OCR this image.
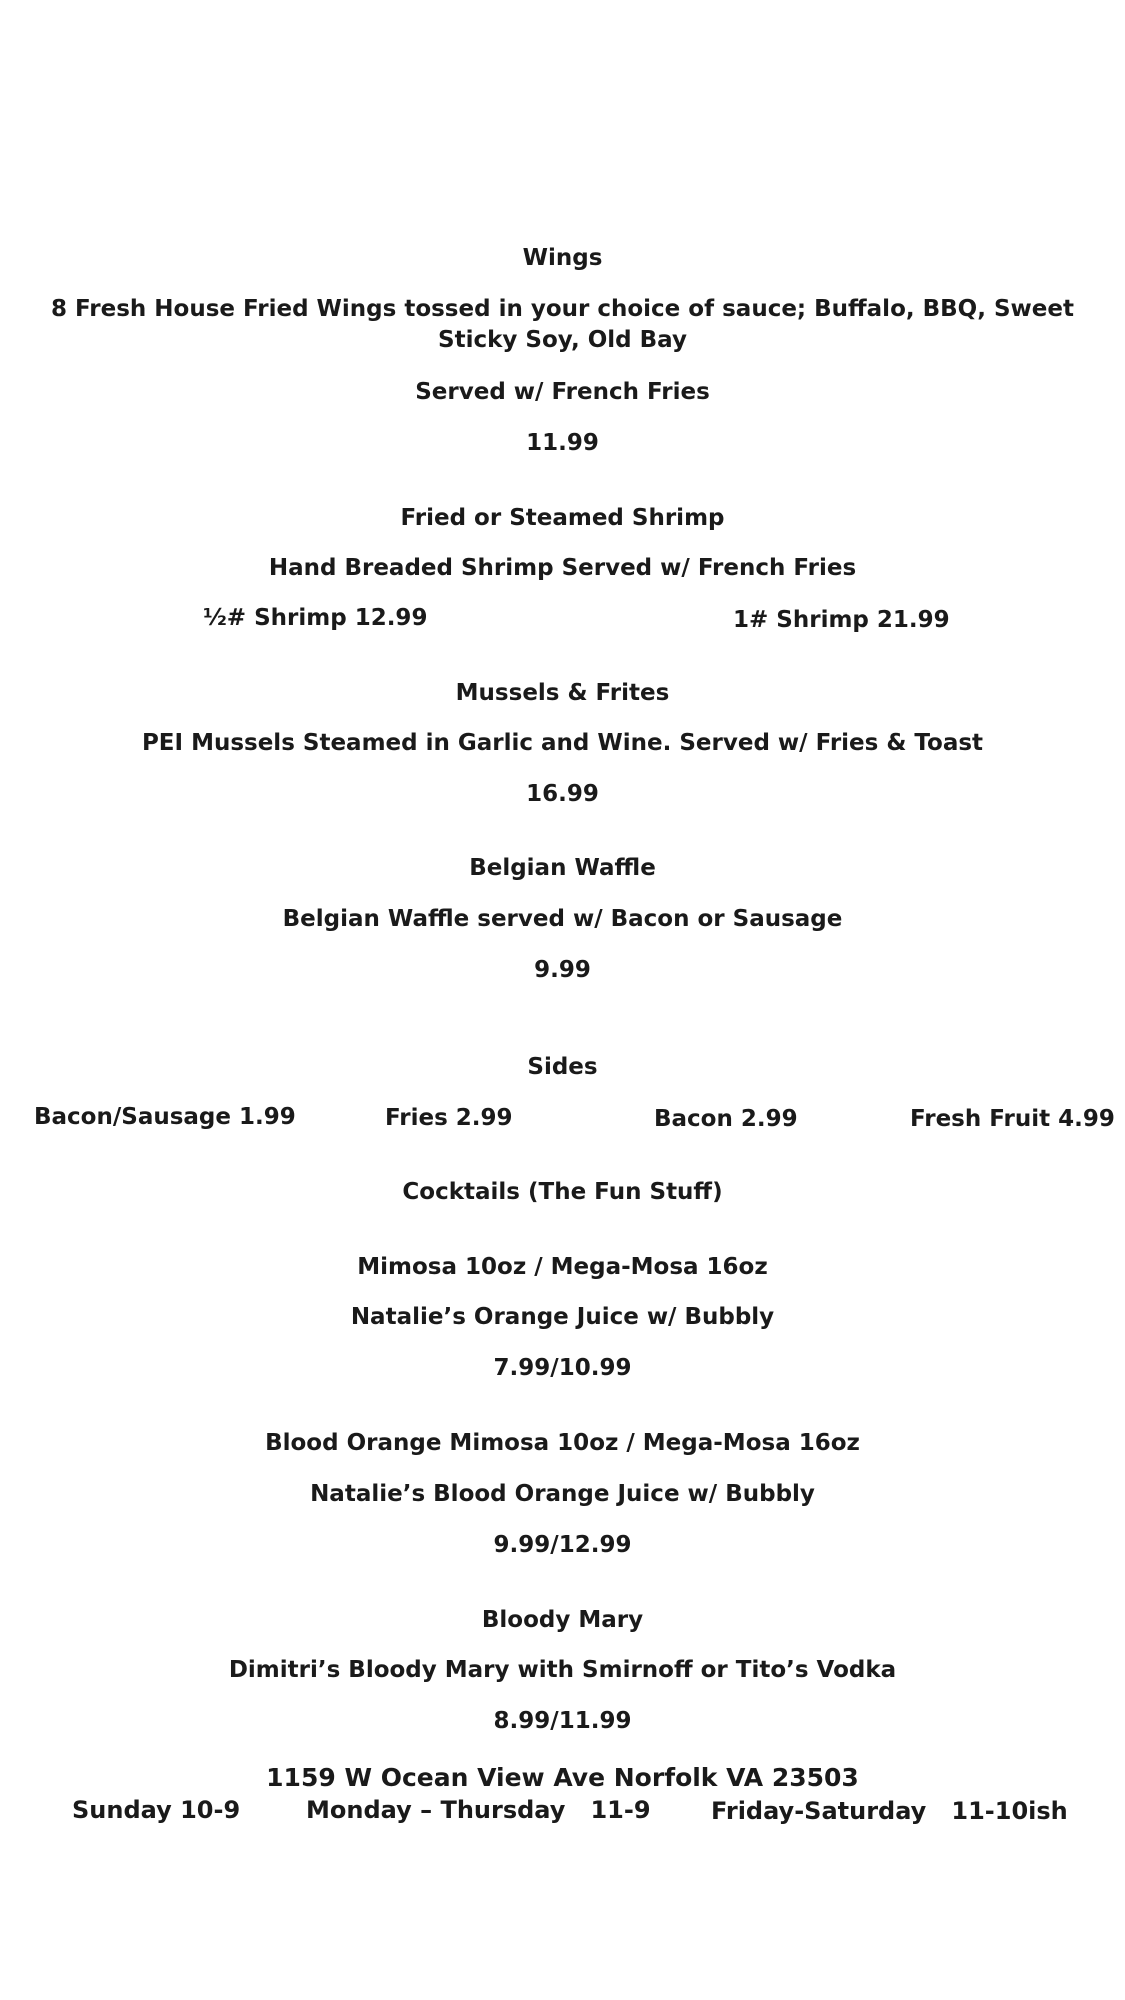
Wings
8 Fresh House Fried Wings tossed in your choice of sauce; Buffalo, BBQ, Sweet Sticky Soy, Old Bay
Served w/ French Fries
11.99
Fried or Steamed Shrimp
Hand Breaded Shrimp Served w/ French Fries
½# Shrimp 12.99	1# Shrimp 21.99
Mussels & Frites
PEI Mussels Steamed in Garlic and Wine. Served w/ Fries & Toast
16.99
Belgian Waffle
Belgian Waffle served w/ Bacon or Sausage
9.99
Sides
Bacon/Sausage 1.99	Fries 2.99	Bacon 2.99	Fresh Fruit 4.99
Cocktails (The Fun Stuff)
Mimosa 10oz / Mega-Mosa 16oz
Natalie’s Orange Juice w/ Bubbly
7.99/10.99
Blood Orange Mimosa 10oz / Mega-Mosa 16oz
Natalie’s Blood Orange Juice w/ Bubbly
9.99/12.99
Bloody Mary
Dimitri’s Bloody Mary with Smirnoff or Tito’s Vodka
8.99/11.99
1159 W Ocean View Ave Norfolk VA 23503
Sunday 10-9	Monday – Thursday   11-9	Friday-Saturday   11-10ish
